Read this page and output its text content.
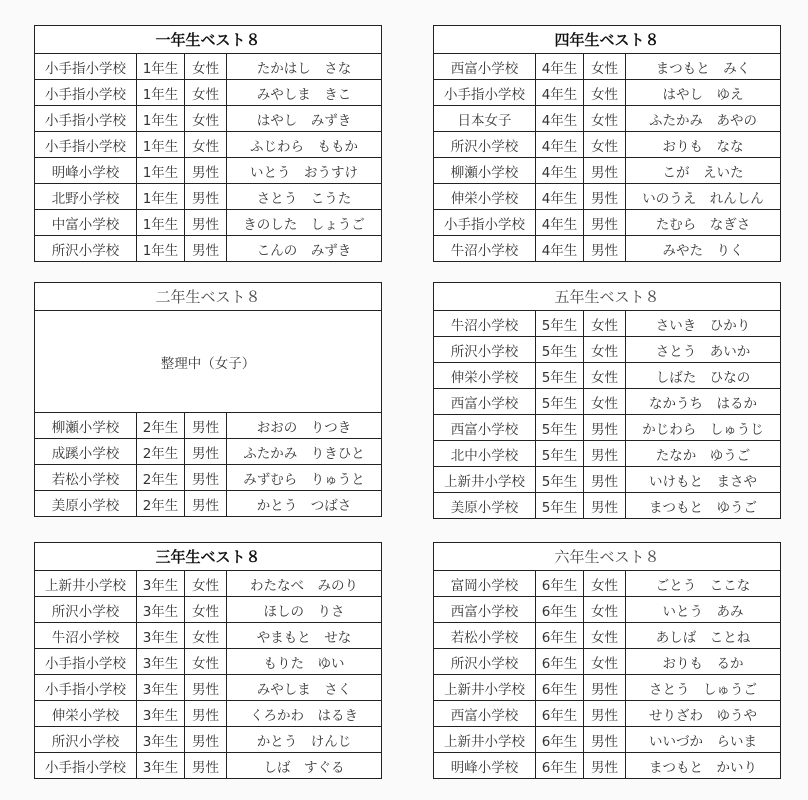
一年生ベスト８			
小手指小学校	1年生	女性	たかはし　さな
小手指小学校	1年生	女性	みやしま　きこ
小手指小学校	1年生	女性	はやし　みずき
小手指小学校	1年生	女性	ふじわら　ももか
明峰小学校	1年生	男性	いとう　おうすけ
北野小学校	1年生	男性	さとう　こうた
中富小学校	1年生	男性	きのした　しょうご
所沢小学校	1年生	男性	こんの　みずき
四年生ベスト８			
西富小学校	4年生	女性	まつもと　みく
小手指小学校	4年生	女性	はやし　ゆえ
日本女子	4年生	女性	ふたかみ　あやの
所沢小学校	4年生	女性	おりも　なな
柳瀬小学校	4年生	男性	こが　えいた
伸栄小学校	4年生	男性	いのうえ　れんしん
小手指小学校	4年生	男性	たむら　なぎさ
牛沼小学校	4年生	男性	みやた　りく
二年生ベスト８			
整理中（女子）			
柳瀬小学校	2年生	男性	おおの　りつき
成蹊小学校	2年生	男性	ふたかみ　りきひと
若松小学校	2年生	男性	みずむら　りゅうと
美原小学校	2年生	男性	かとう　つばさ
五年生ベスト８			
牛沼小学校	5年生	女性	さいき　ひかり
所沢小学校	5年生	女性	さとう　あいか
伸栄小学校	5年生	女性	しばた　ひなの
西富小学校	5年生	女性	なかうち　はるか
西富小学校	5年生	男性	かじわら　しゅうじ
北中小学校	5年生	男性	たなか　ゆうご
上新井小学校	5年生	男性	いけもと　まさや
美原小学校	5年生	男性	まつもと　ゆうご
三年生ベスト８			
上新井小学校	3年生	女性	わたなべ　みのり
所沢小学校	3年生	女性	ほしの　りさ
牛沼小学校	3年生	女性	やまもと　せな
小手指小学校	3年生	女性	もりた　ゆい
小手指小学校	3年生	男性	みやしま　さく
伸栄小学校	3年生	男性	くろかわ　はるき
所沢小学校	3年生	男性	かとう　けんじ
小手指小学校	3年生	男性	しば　すぐる
六年生ベスト８			
富岡小学校	6年生	女性	ごとう　ここな
西富小学校	6年生	女性	いとう　あみ
若松小学校	6年生	女性	あしば　ことね
所沢小学校	6年生	女性	おりも　るか
上新井小学校	6年生	男性	さとう　しゅうご
西富小学校	6年生	男性	せりざわ　ゆうや
上新井小学校	6年生	男性	いいづか　らいま
明峰小学校	6年生	男性	まつもと　かいり
